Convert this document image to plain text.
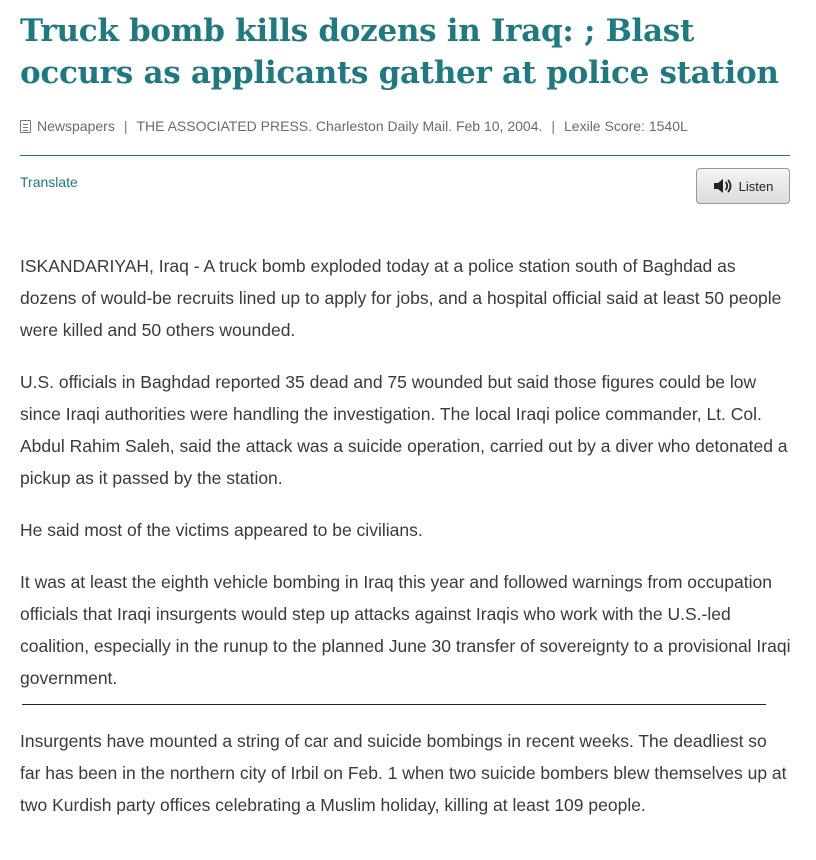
Truck bomb kills dozens in Iraq: ; Blast occurs as applicants gather at police station
Newspapers | THE ASSOCIATED PRESS. Charleston Daily Mail. Feb 10, 2004. | Lexile Score: 1540L
Translate	Listen

ISKANDARIYAH, Iraq - A truck bomb exploded today at a police station south of Baghdad as dozens of would-be recruits lined up to apply for jobs, and a hospital official said at least 50 people were killed and 50 others wounded.

U.S. officials in Baghdad reported 35 dead and 75 wounded but said those figures could be low since Iraqi authorities were handling the investigation. The local Iraqi police commander, Lt. Col. Abdul Rahim Saleh, said the attack was a suicide operation, carried out by a diver who detonated a pickup as it passed by the station.

He said most of the victims appeared to be civilians.

It was at least the eighth vehicle bombing in Iraq this year and followed warnings from occupation officials that Iraqi insurgents would step up attacks against Iraqis who work with the U.S.-led coalition, especially in the runup to the planned June 30 transfer of sovereignty to a provisional Iraqi government.

Insurgents have mounted a string of car and suicide bombings in recent weeks. The deadliest so far has been in the northern city of Irbil on Feb. 1 when two suicide bombers blew themselves up at two Kurdish party offices celebrating a Muslim holiday, killing at least 109 people.
